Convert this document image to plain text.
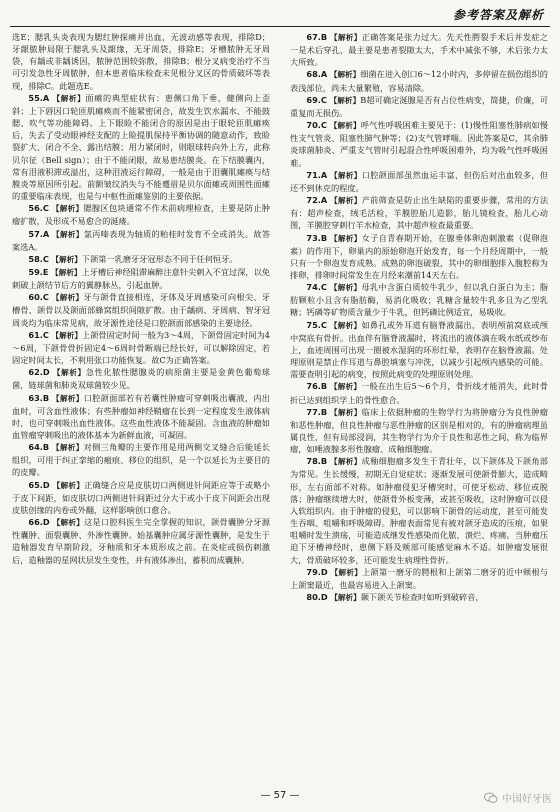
参考答案及解析

选E；腮乳头炎表现为腮红肿探痛并出血，无波动感等表现，排除D；牙龈脓肿局限于腮乳头及龈缘，无牙周袋，排除E；牙槽脓肿无牙周袋，有龋或非龋诱因，脓肿范围较弥散，排除B；根分叉病变治疗不当可引发急性牙周脓肿，但本患者临床检查未见根分叉区的骨质破坏等表现，排除C。此题选E。

55.A 【解析】面瘫的典型症状有：患侧口角下垂，健侧向上歪斜；上下唇因口轮匝肌瘫痪而不能紧密闭合，故发生饮水漏水、不能鼓腮、吹气等功能障碍。上下眼睑不能闭合的原因是由于眼轮匝肌瘫痪后，失去了受动眼神经支配的上睑提肌保持平衡协调的随意动作，致睑裂扩大、闭合不全、露出结膜；用力紧闭时，则眼球转向外上方，此称贝尔征（Bell sign）；由于不能闭眼，故易患结膜炎。在下结膜囊内，常有泪液积滞或溢出，这种泪液运行障碍，一般是由于泪囊肌瘫痪与结膜炎等原因所引起。前额皱纹消失与不能蹙眉是贝尔面瘫或周围性面瘫的重要临床表现，也是与中枢性面瘫鉴别的主要依据。

56.C 【解析】腮腺区包块通常不作术前病理检查，主要是防止肿瘤扩散，及形成不易愈合的涎瘘。

57.A 【解析】氯丙嗪表现为轴质的粕桂时发育不全或消失。故答案选A。

58.C 【解析】下颌第一乳磨牙牙冠形态不同于任何恒牙。

59.E 【解析】上牙槽后神经阻滞麻醉注意针尖刺入不宜过深，以免刺破上颌结节后方的翼静脉丛，引起血肿。

60.C 【解析】牙与颌骨直接相连，牙体及牙周感染可向根尖、牙槽骨、颌骨以及颌面部蜂窝组织间隙扩散。由于龋病、牙周病、智牙冠周炎均为临床常见病，故牙源性途径是口腔颌面部感染的主要途径。

61.C 【解析】上颌骨固定时间一般为3～4周，下颌骨固定时间为4～6周，下颌骨骨折固定4～6周时骨断端已经长好，可以解除固定，若固定时间太长，不利用张口功能恢复。故C为正确答案。

62.D 【解析】急性化脓性腮腺炎的病原菌主要是金黄色葡萄球菌，链球菌和肺炎双球菌较少见。

63.B 【解析】口腔颌面部若有若囊性肿瘤可穿刺吸出囊液，内出血时，可含血性液体；有些肿瘤如神经鞘瘤在长到一定程度发生液体病时，也可穿刺吸出血性液体。这些血性液体不能凝固。含血液的肿瘤如血管瘤穿刺吸出的液体基本为新鲜血液，可凝固。

64.B 【解析】对侧三角瓣的主要作用是用两侧交叉缝合后能延长组织，可用于纠正挛缩的瘢痕、移位的组织，是一个以延长为主要目的的皮瓣。

65.D 【解析】正确缝合应是皮肤切口两侧进针间距应等于或略小于皮下间距，如皮肤切口两侧进针间距过分大于或小于皮下间距会出现皮肤创缘的内卷或外翻，这样影响创口愈合。

66.D 【解析】这是口腔科医生完全掌握的知识，颌骨囊肿分牙源性囊肿、面裂囊肿、外渗性囊肿。始基囊肿应属牙源性囊肿，是发生于造釉器发育早期阶段，牙釉质和牙本质形成之前。在炎症或损伤刺激后，造釉器的星网状层发生变性，并有液体渗出，蓄积而成囊肿。

67.B 【解析】正确答案是张力过大。先天性腭裂手术后并发症之一是术后穿孔，最主要是患者裂隙太大，手术中减张不够，术后张力太大所致。

68.A 【解析】细菌在进入创口6～12小时内，多停留在损伤组织的表浅部位，尚未大量繁殖，容易清除。

69.C 【解析】B超可确定涎腺是否有占位性病变，简捷，价廉，可重复而无损伤。

70.C 【解析】呼气性呼吸困难主要见于：(1)慢性阻塞性肺病如慢性支气管炎、阻塞性肺气肿等；(2)支气管哮喘。因此答案是C，其余肺炎球菌肺炎、严重支气管时引起混合性呼吸困难外，均为吸气性呼吸困难。

71.A 【解析】口腔颌面部虽然血运丰富，但伤后对出血较多，但还不到休克的程度。

72.A 【解析】产前筛查是防止出生缺陷的重要步骤，常用的方法有：超声检查，绒毛活检，羊膜腔胎儿造影，胎儿镜检查，胎儿心动图，羊膜腔穿刺行羊水检查，其中超声检查最重要。

73.B 【解析】女子自青春期开始，在腺垂体卵泡刺激素（促卵泡素）的作用下，卵巢内的原始卵泡开始发育，每一个月经周期中，一般只有一个卵泡发育成熟。成熟的卵泡破裂，其中的卵细胞排入腹腔称为排卵，排卵时间常发生在月经来潮前14天左右。

74.C 【解析】母乳中含蛋白质较牛乳少，但以乳白蛋白为主；脂肪颗粒小且含有脂肪酶，易消化吸收；乳糖含量较牛乳多且为乙型乳糖；钙磷等矿物质含量少于牛乳，但钙磷比例适宜，易吸收。

75.C 【解析】如鼻孔或外耳道有脑脊液漏出，表明颅前窝底或颅中窝底有骨折。出血伴有脑脊液漏时，将流出的液体滴在吸水纸或纱布上，血迹周围可出现一圈被水湿润的环形红晕，表明存在脑脊液漏。处理原则是禁止作耳道与鼻腔填塞与冲洗，以减少引起颅内感染的可能。需要查明引起的病变，按照此病变的处理原则处理。

76.B 【解析】一般在出生后5～6个月，骨折线才能消失，此时骨折已达到组织学上的骨性愈合。

77.B 【解析】临床上依据肿瘤的生物学行为将肿瘤分为良性肿瘤和恶性肿瘤，但良性肿瘤与恶性肿瘤的区别是相对的，有的肿瘤病理虽属良性，但有局部浸润，其生物学行为介于良性和恶性之间，称为临界瘤，如唾液腺多形性腺瘤、成釉细胞瘤。

78.B 【解析】成釉细胞瘤多发生于青壮年，以下颌体及下颌角部为常见。生长缓慢，初期无自觉症状；逐渐发展可使颌骨膨大，造成畸形，左右面部不对称。如肿瘤侵犯牙槽突时，可使牙松动、移位或脱落；肿瘤继续增大时，使颌骨外板变薄，或甚至吸收，这时肿瘤可以侵入软组织内。由于肿瘤的侵犯，可以影响下颌骨的运动度，甚至可能发生吞咽、咀嚼和呼吸障碍。肿瘤表面常见有被对颌牙造成的压痕，如果咀嚼时发生溃疡，可能造成继发性感染而化脓、溃烂、疼痛。当肿瘤压迫下牙槽神经时，患侧下唇及颊部可能感觉麻木不适。如肿瘤发展很大，骨质破坏较多，还可能发生病理性骨折。

79.D 【解析】上颌第一磨牙的腭根和上颌第二磨牙的近中颊根与上颌窦最近，也最容易进入上颌窦。

80.D 【解析】颞下颌关节检查时如听到破碎音，

— 57 —	中国好牙医
